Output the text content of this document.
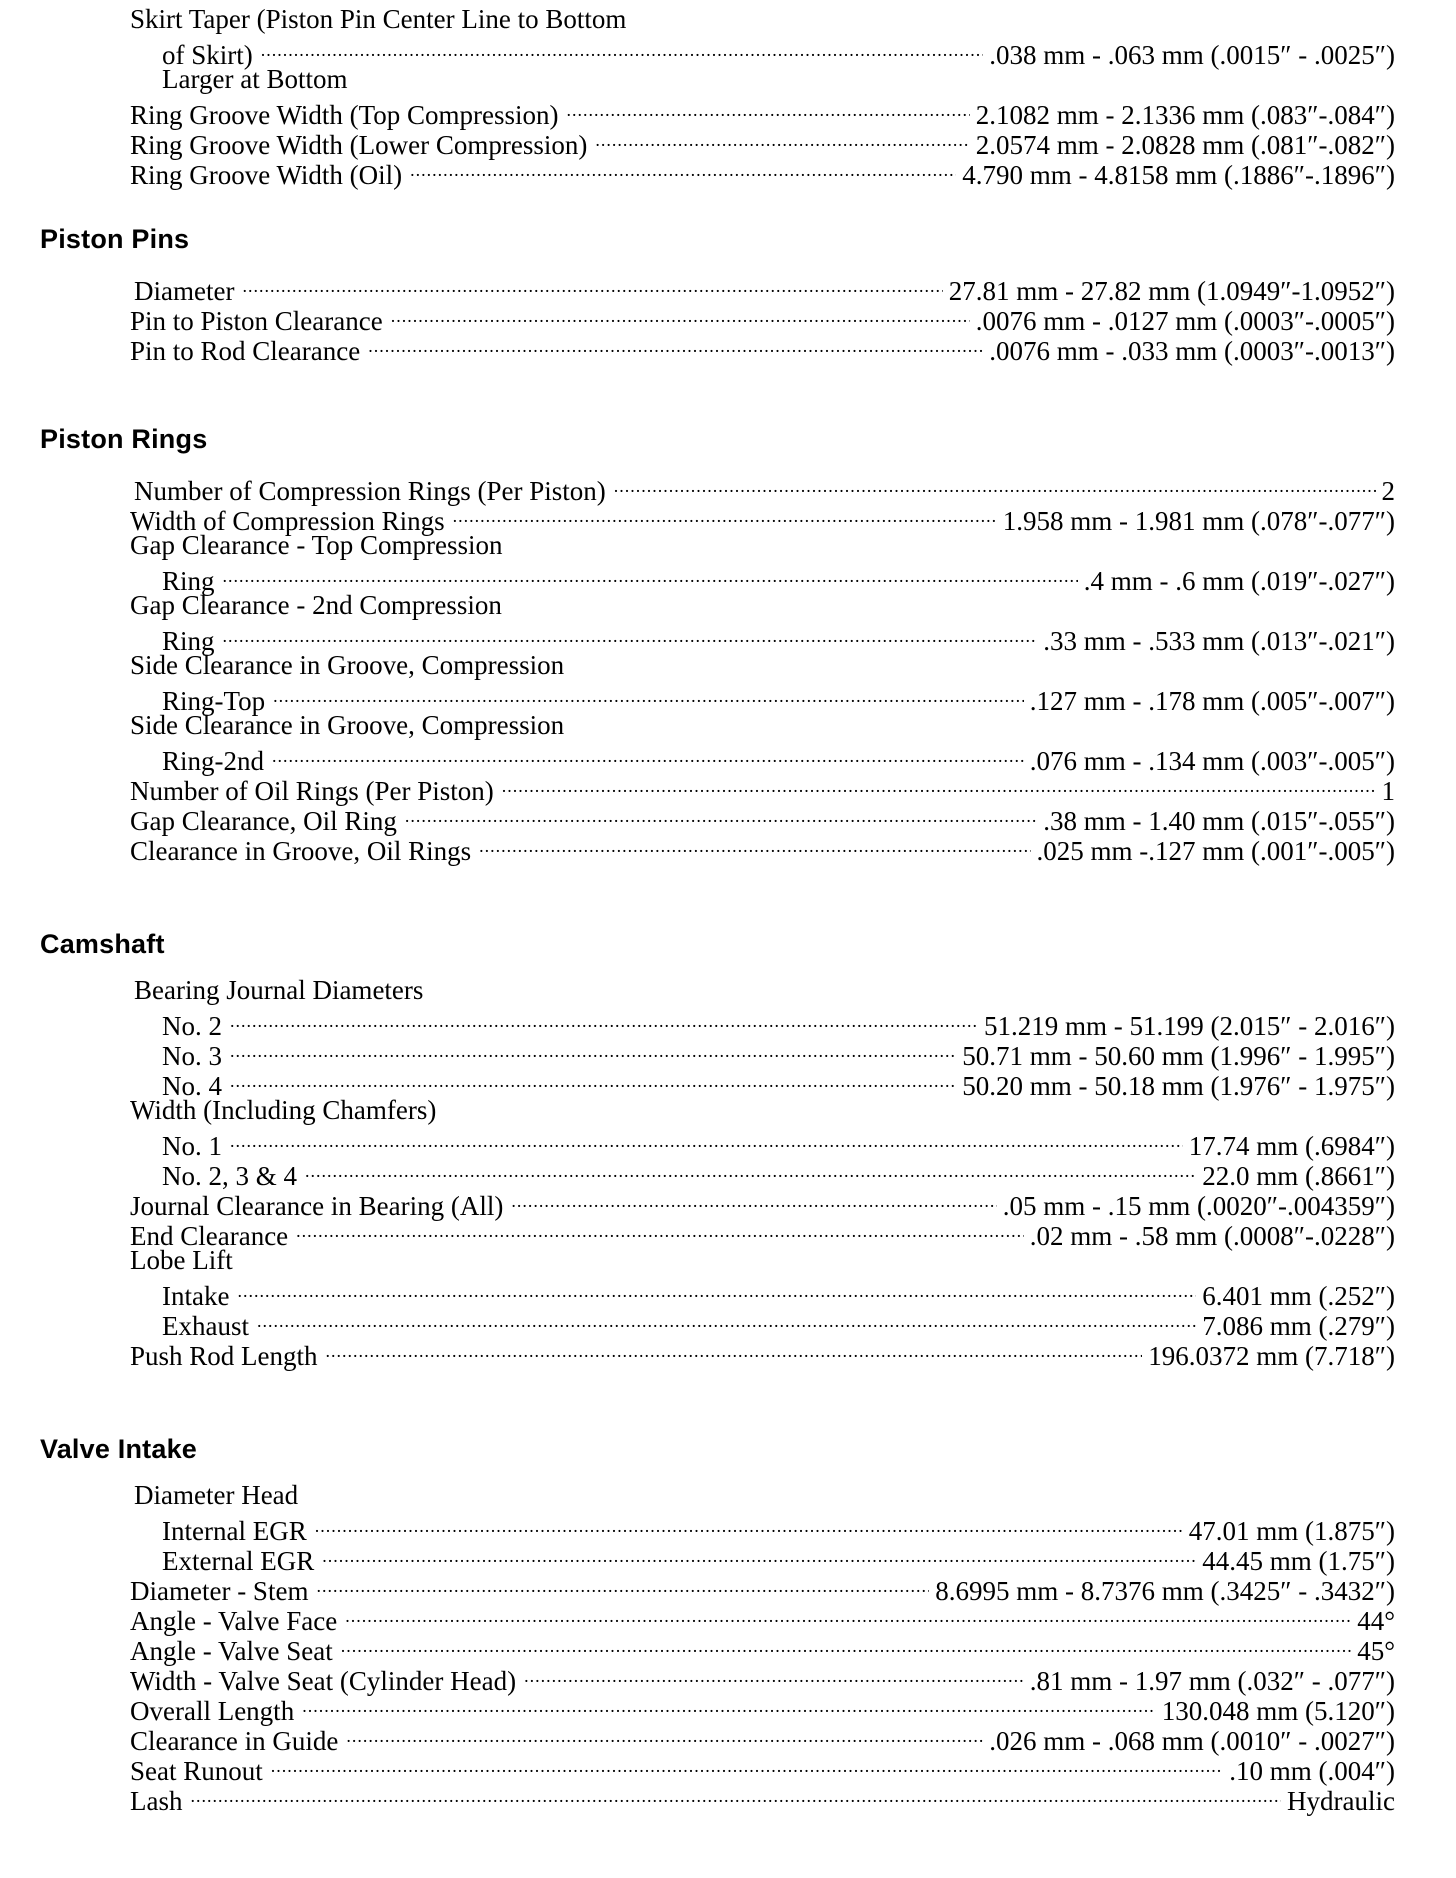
Skirt Taper (Piston Pin Center Line to Bottom
of Skirt) .....	.038 mm - .063 mm (.0015″ - .0025″)
Larger at Bottom
Ring Groove Width (Top Compression) .....	2.1082 mm - 2.1336 mm (.083″-.084″)
Ring Groove Width (Lower Compression) .....	2.0574 mm - 2.0828 mm (.081″-.082″)
Ring Groove Width (Oil) .....	4.790 mm - 4.8158 mm (.1886″-.1896″)
Piston Pins
Diameter .....	27.81 mm - 27.82 mm (1.0949″-1.0952″)
Pin to Piston Clearance .....	.0076 mm - .0127 mm (.0003″-.0005″)
Pin to Rod Clearance .....	.0076 mm - .033 mm (.0003″-.0013″)
Piston Rings
Number of Compression Rings (Per Piston) .....	2
Width of Compression Rings .....	1.958 mm - 1.981 mm (.078″-.077″)
Gap Clearance - Top Compression
Ring .....	.4 mm - .6 mm (.019″-.027″)
Gap Clearance - 2nd Compression
Ring .....	.33 mm - .533 mm (.013″-.021″)
Side Clearance in Groove, Compression
Ring-Top .....	.127 mm - .178 mm (.005″-.007″)
Side Clearance in Groove, Compression
Ring-2nd .....	.076 mm - .134 mm (.003″-.005″)
Number of Oil Rings (Per Piston) .....	1
Gap Clearance, Oil Ring .....	.38 mm - 1.40 mm (.015″-.055″)
Clearance in Groove, Oil Rings .....	.025 mm -.127 mm (.001″-.005″)
Camshaft
Bearing Journal Diameters
No. 2 .....	51.219 mm - 51.199 (2.015″ - 2.016″)
No. 3 .....	50.71 mm - 50.60 mm (1.996″ - 1.995″)
No. 4 .....	50.20 mm - 50.18 mm (1.976″ - 1.975″)
Width (Including Chamfers)
No. 1 .....	17.74 mm (.6984″)
No. 2, 3 & 4 .....	22.0 mm (.8661″)
Journal Clearance in Bearing (All) .....	.05 mm - .15 mm (.0020″-.004359″)
End Clearance .....	.02 mm - .58 mm (.0008″-.0228″)
Lobe Lift
Intake .....	6.401 mm (.252″)
Exhaust .....	7.086 mm (.279″)
Push Rod Length .....	196.0372 mm (7.718″)
Valve Intake
Diameter Head
Internal EGR .....	47.01 mm (1.875″)
External EGR .....	44.45 mm (1.75″)
Diameter - Stem .....	8.6995 mm - 8.7376 mm (.3425″ - .3432″)
Angle - Valve Face .....	44°
Angle - Valve Seat .....	45°
Width - Valve Seat (Cylinder Head) .....	.81 mm - 1.97 mm (.032″ - .077″)
Overall Length .....	130.048 mm (5.120″)
Clearance in Guide .....	.026 mm - .068 mm (.0010″ - .0027″)
Seat Runout .....	.10 mm (.004″)
Lash .....	Hydraulic
